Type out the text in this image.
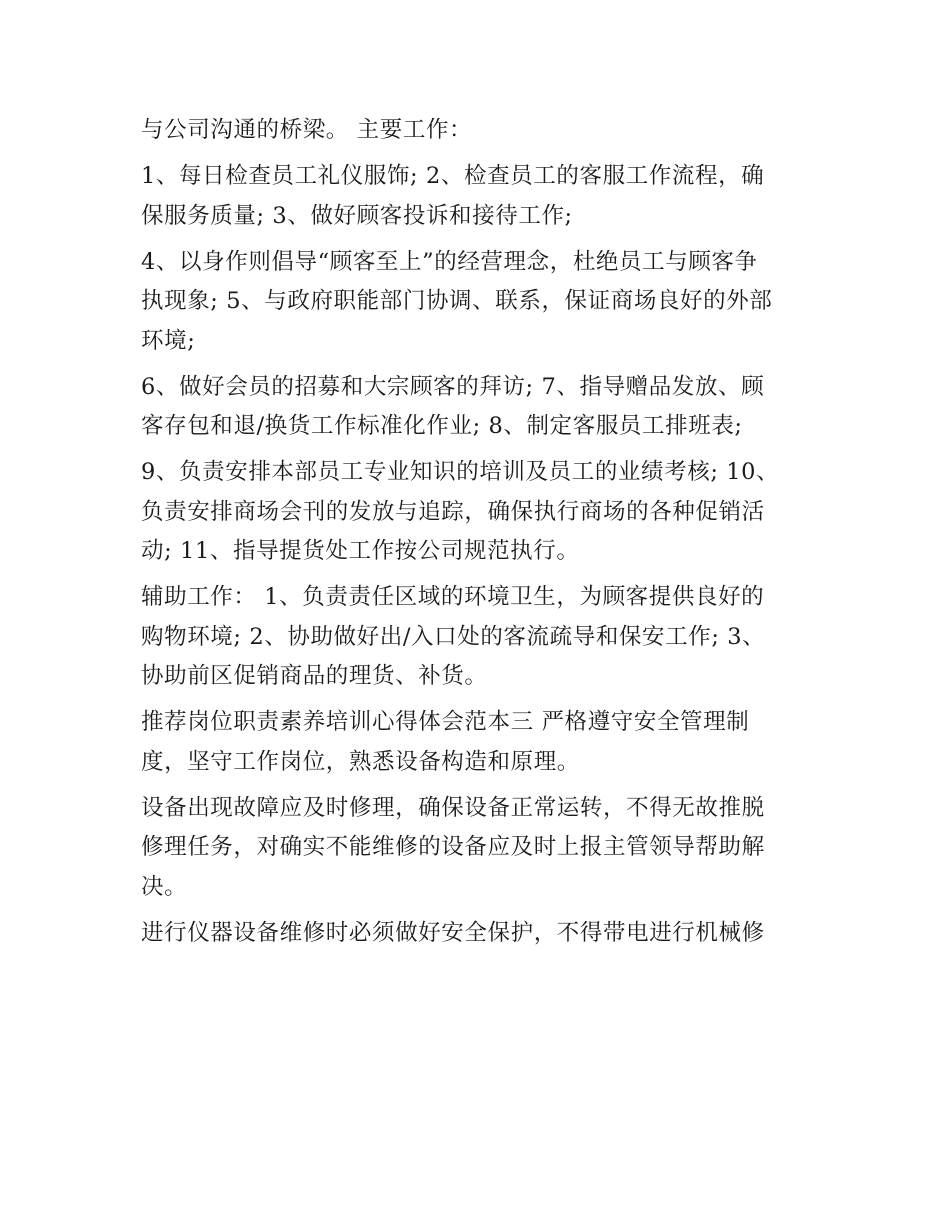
与公司沟通的桥梁。 主要工作：

1、每日检查员工礼仪服饰; 2、检查员工的客服工作流程，确
保服务质量; 3、做好顾客投诉和接待工作;

4、以身作则倡导“顾客至上”的经营理念，杜绝员工与顾客争
执现象; 5、与政府职能部门协调、联系，保证商场良好的外部
环境;

6、做好会员的招募和大宗顾客的拜访; 7、指导赠品发放、顾
客存包和退/换货工作标准化作业; 8、制定客服员工排班表;

9、负责安排本部员工专业知识的培训及员工的业绩考核; 10、
负责安排商场会刊的发放与追踪，确保执行商场的各种促销活
动; 11、指导提货处工作按公司规范执行。

辅助工作： 1、负责责任区域的环境卫生，为顾客提供良好的
购物环境; 2、协助做好出/入口处的客流疏导和保安工作; 3、
协助前区促销商品的理货、补货。

推荐岗位职责素养培训心得体会范本三 严格遵守安全管理制
度，坚守工作岗位，熟悉设备构造和原理。

设备出现故障应及时修理，确保设备正常运转，不得无故推脱
修理任务，对确实不能维修的设备应及时上报主管领导帮助解
决。

进行仪器设备维修时必须做好安全保护，不得带电进行机械修
